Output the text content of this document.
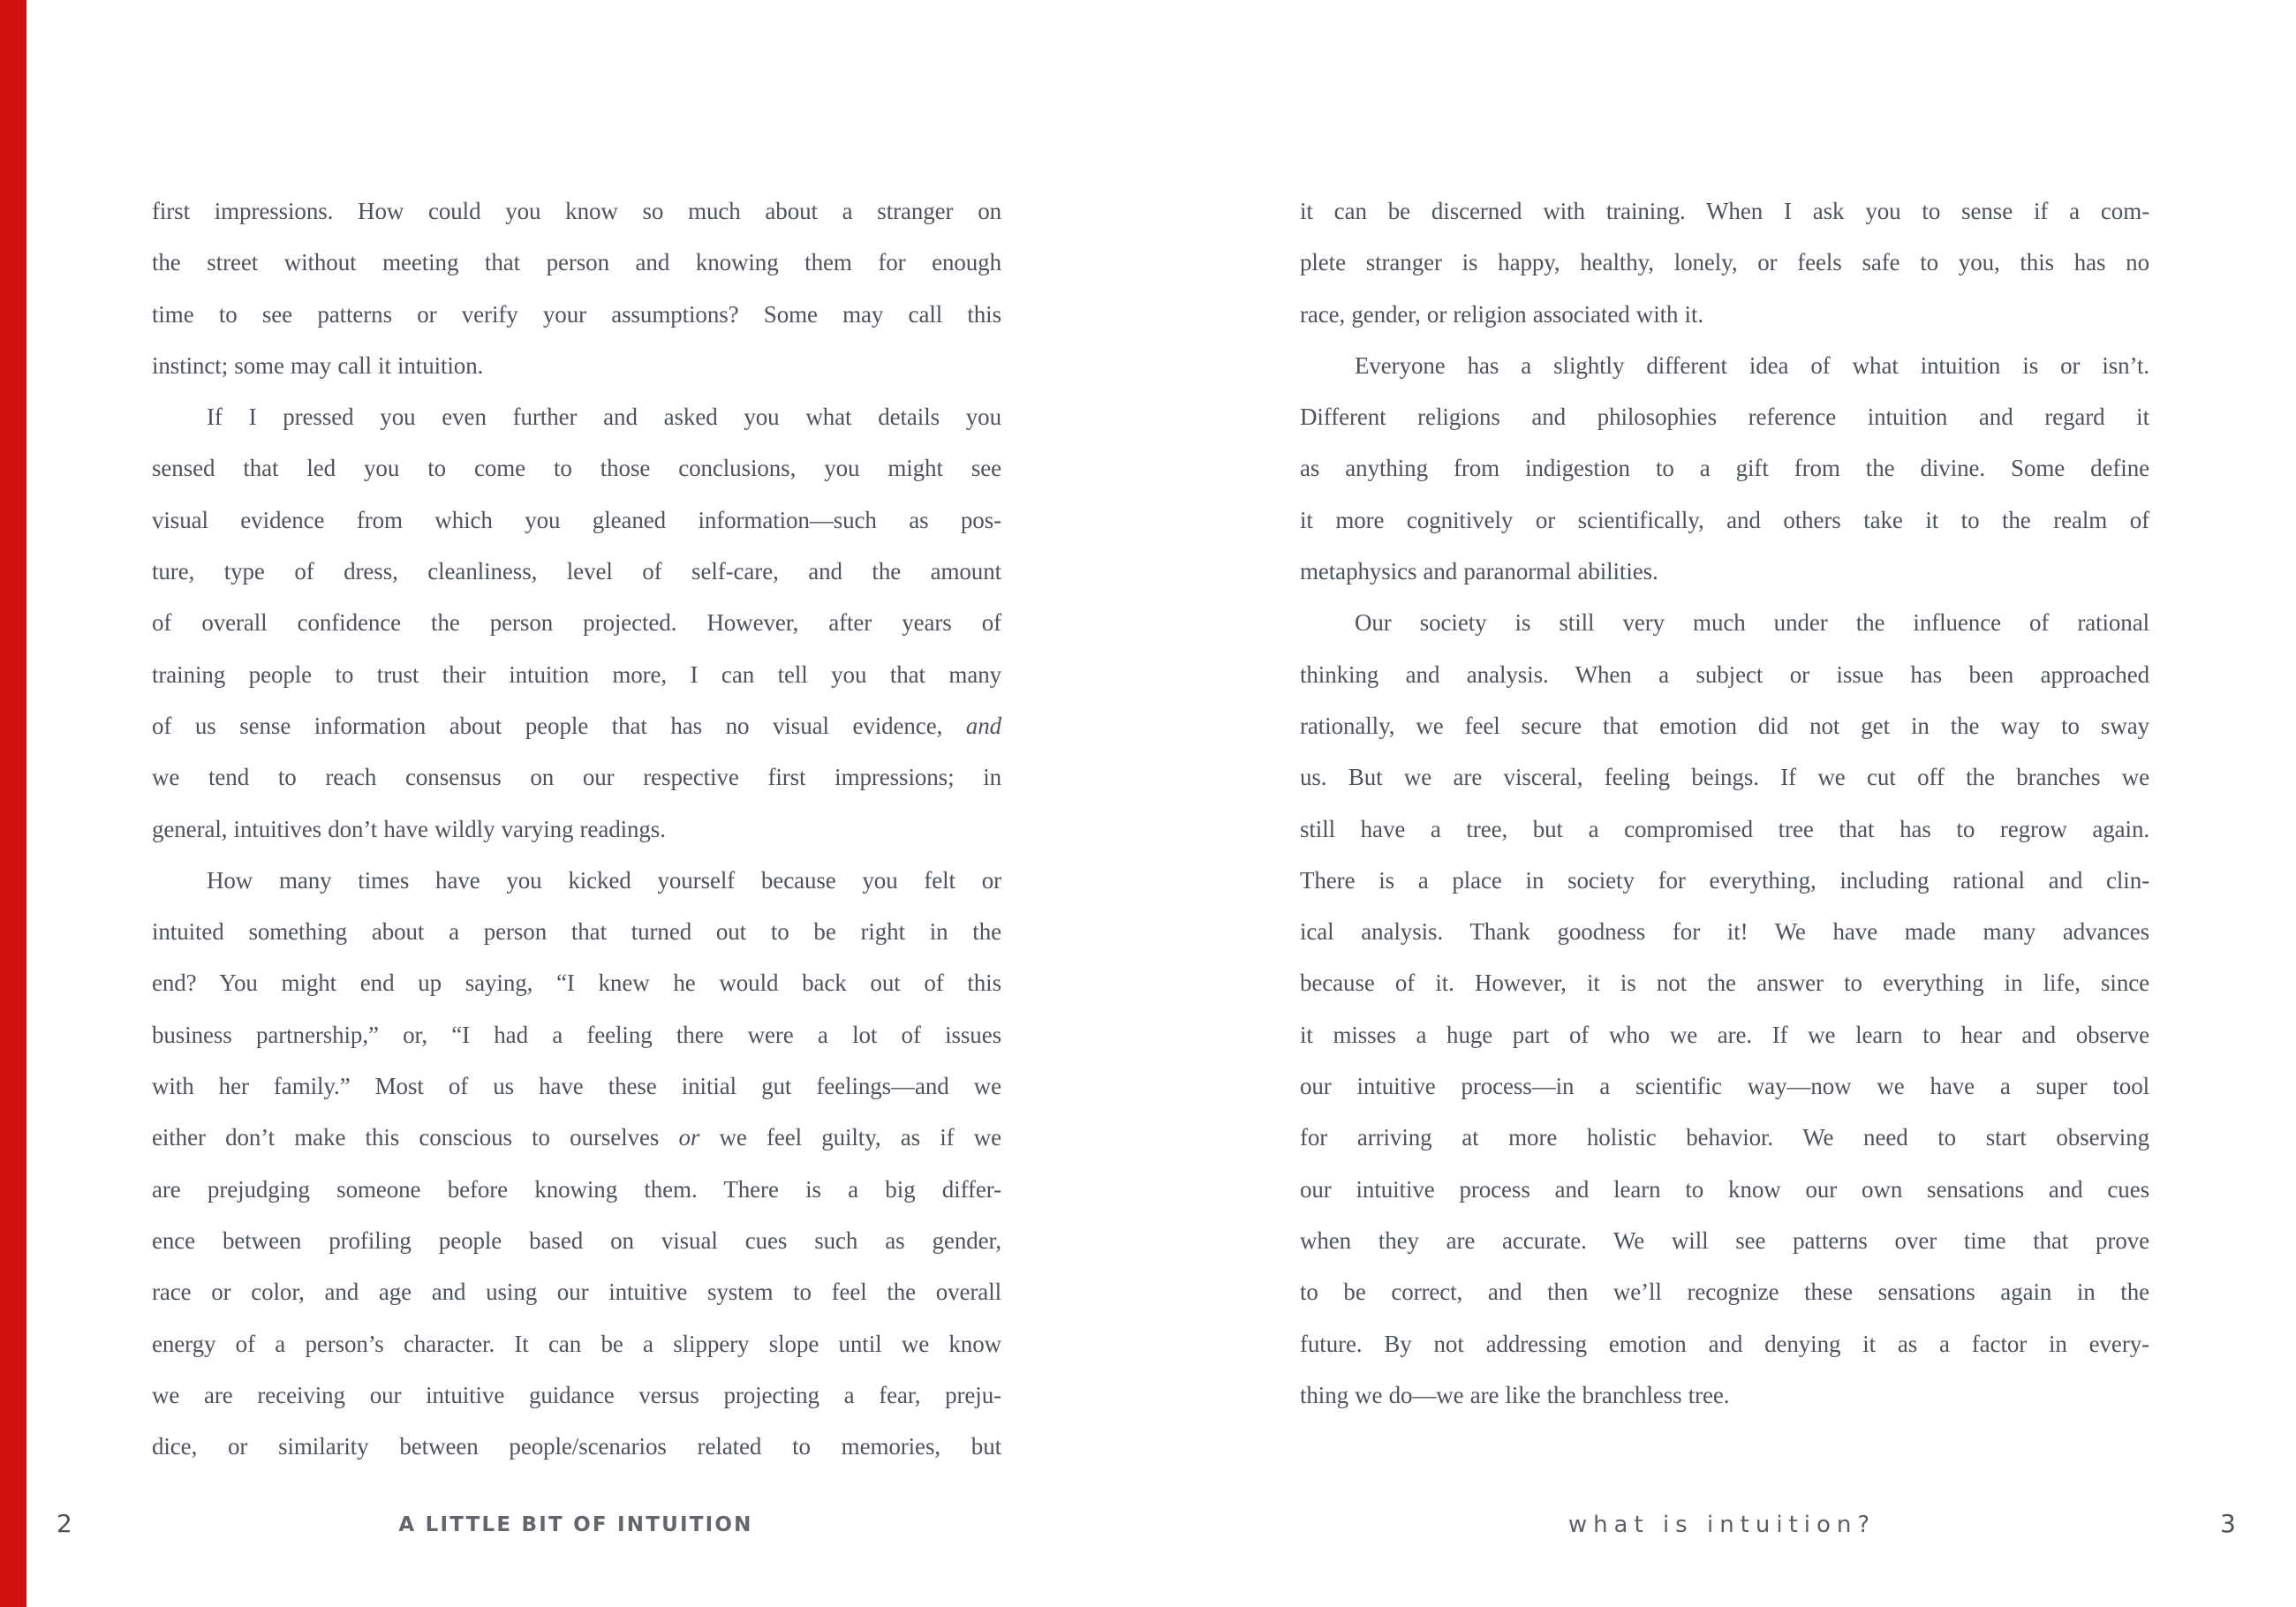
first impressions. How could you know so much about a stranger on
the street without meeting that person and knowing them for enough
time to see patterns or verify your assumptions? Some may call this
instinct; some may call it intuition.
If I pressed you even further and asked you what details you
sensed that led you to come to those conclusions, you might see
visual evidence from which you gleaned information—such as pos-
ture, type of dress, cleanliness, level of self-care, and the amount
of overall confidence the person projected. However, after years of
training people to trust their intuition more, I can tell you that many
of us sense information about people that has no visual evidence, and
we tend to reach consensus on our respective first impressions; in
general, intuitives don’t have wildly varying readings.
How many times have you kicked yourself because you felt or
intuited something about a person that turned out to be right in the
end? You might end up saying, “I knew he would back out of this
business partnership,” or, “I had a feeling there were a lot of issues
with her family.” Most of us have these initial gut feelings—and we
either don’t make this conscious to ourselves or we feel guilty, as if we
are prejudging someone before knowing them. There is a big differ-
ence between profiling people based on visual cues such as gender,
race or color, and age and using our intuitive system to feel the overall
energy of a person’s character. It can be a slippery slope until we know
we are receiving our intuitive guidance versus projecting a fear, preju-
dice, or similarity between people/scenarios related to memories, but
it can be discerned with training. When I ask you to sense if a com-
plete stranger is happy, healthy, lonely, or feels safe to you, this has no
race, gender, or religion associated with it.
Everyone has a slightly different idea of what intuition is or isn’t.
Different religions and philosophies reference intuition and regard it
as anything from indigestion to a gift from the divine. Some define
it more cognitively or scientifically, and others take it to the realm of
metaphysics and paranormal abilities.
Our society is still very much under the influence of rational
thinking and analysis. When a subject or issue has been approached
rationally, we feel secure that emotion did not get in the way to sway
us. But we are visceral, feeling beings. If we cut off the branches we
still have a tree, but a compromised tree that has to regrow again.
There is a place in society for everything, including rational and clin-
ical analysis. Thank goodness for it! We have made many advances
because of it. However, it is not the answer to everything in life, since
it misses a huge part of who we are. If we learn to hear and observe
our intuitive process—in a scientific way—now we have a super tool
for arriving at more holistic behavior. We need to start observing
our intuitive process and learn to know our own sensations and cues
when they are accurate. We will see patterns over time that prove
to be correct, and then we’ll recognize these sensations again in the
future. By not addressing emotion and denying it as a factor in every-
thing we do—we are like the branchless tree.
2	A LITTLE BIT OF INTUITION	what is intuition?	3
